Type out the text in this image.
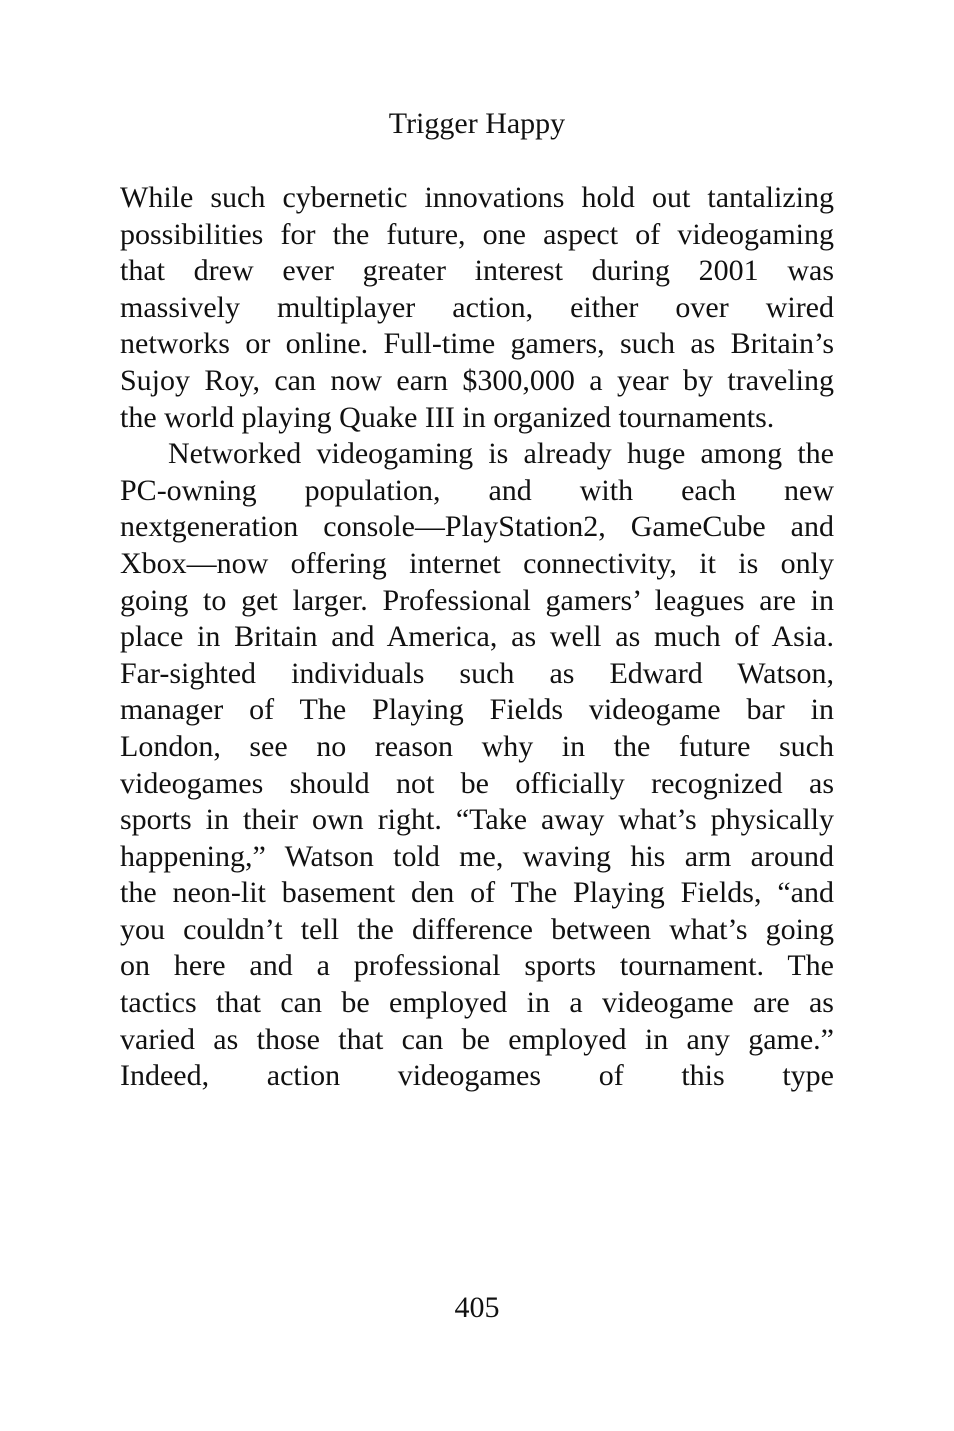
Trigger Happy
While such cybernetic innovations hold out tantalizing
possibilities for the future, one aspect of videogaming
that drew ever greater interest during 2001 was
massively multiplayer action, either over wired
networks or online. Full-time gamers, such as Britain’s
Sujoy Roy, can now earn $300,000 a year by traveling
the world playing Quake III in organized tournaments.
Networked videogaming is already huge among the
PC-owning population, and with each new
nextgeneration console—PlayStation2, GameCube and
Xbox—now offering internet connectivity, it is only
going to get larger. Professional gamers’ leagues are in
place in Britain and America, as well as much of Asia.
Far-sighted individuals such as Edward Watson,
manager of The Playing Fields videogame bar in
London, see no reason why in the future such
videogames should not be officially recognized as
sports in their own right. “Take away what’s physically
happening,” Watson told me, waving his arm around
the neon-lit basement den of The Playing Fields, “and
you couldn’t tell the difference between what’s going
on here and a professional sports tournament. The
tactics that can be employed in a videogame are as
varied as those that can be employed in any game.”
Indeed, action videogames of this type
405
